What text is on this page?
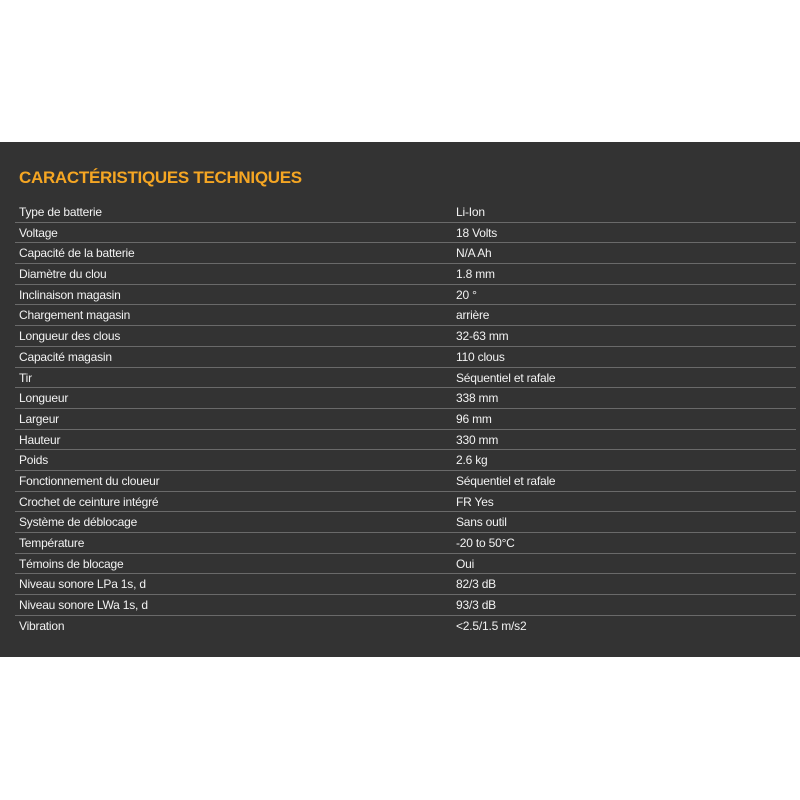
CARACTÉRISTIQUES TECHNIQUES
Type de batterie	Li-Ion
Voltage	18 Volts
Capacité de la batterie	N/A Ah
Diamètre du clou	1.8 mm
Inclinaison magasin	20 °
Chargement magasin	arrière
Longueur des clous	32-63 mm
Capacité magasin	110 clous
Tir	Séquentiel et rafale
Longueur	338 mm
Largeur	96 mm
Hauteur	330 mm
Poids	2.6 kg
Fonctionnement du cloueur	Séquentiel et rafale
Crochet de ceinture intégré	FR Yes
Système de déblocage	Sans outil
Température	-20 to 50°C
Témoins de blocage	Oui
Niveau sonore LPa 1s, d	82/3 dB
Niveau sonore LWa 1s, d	93/3 dB
Vibration	<2.5/1.5 m/s2
